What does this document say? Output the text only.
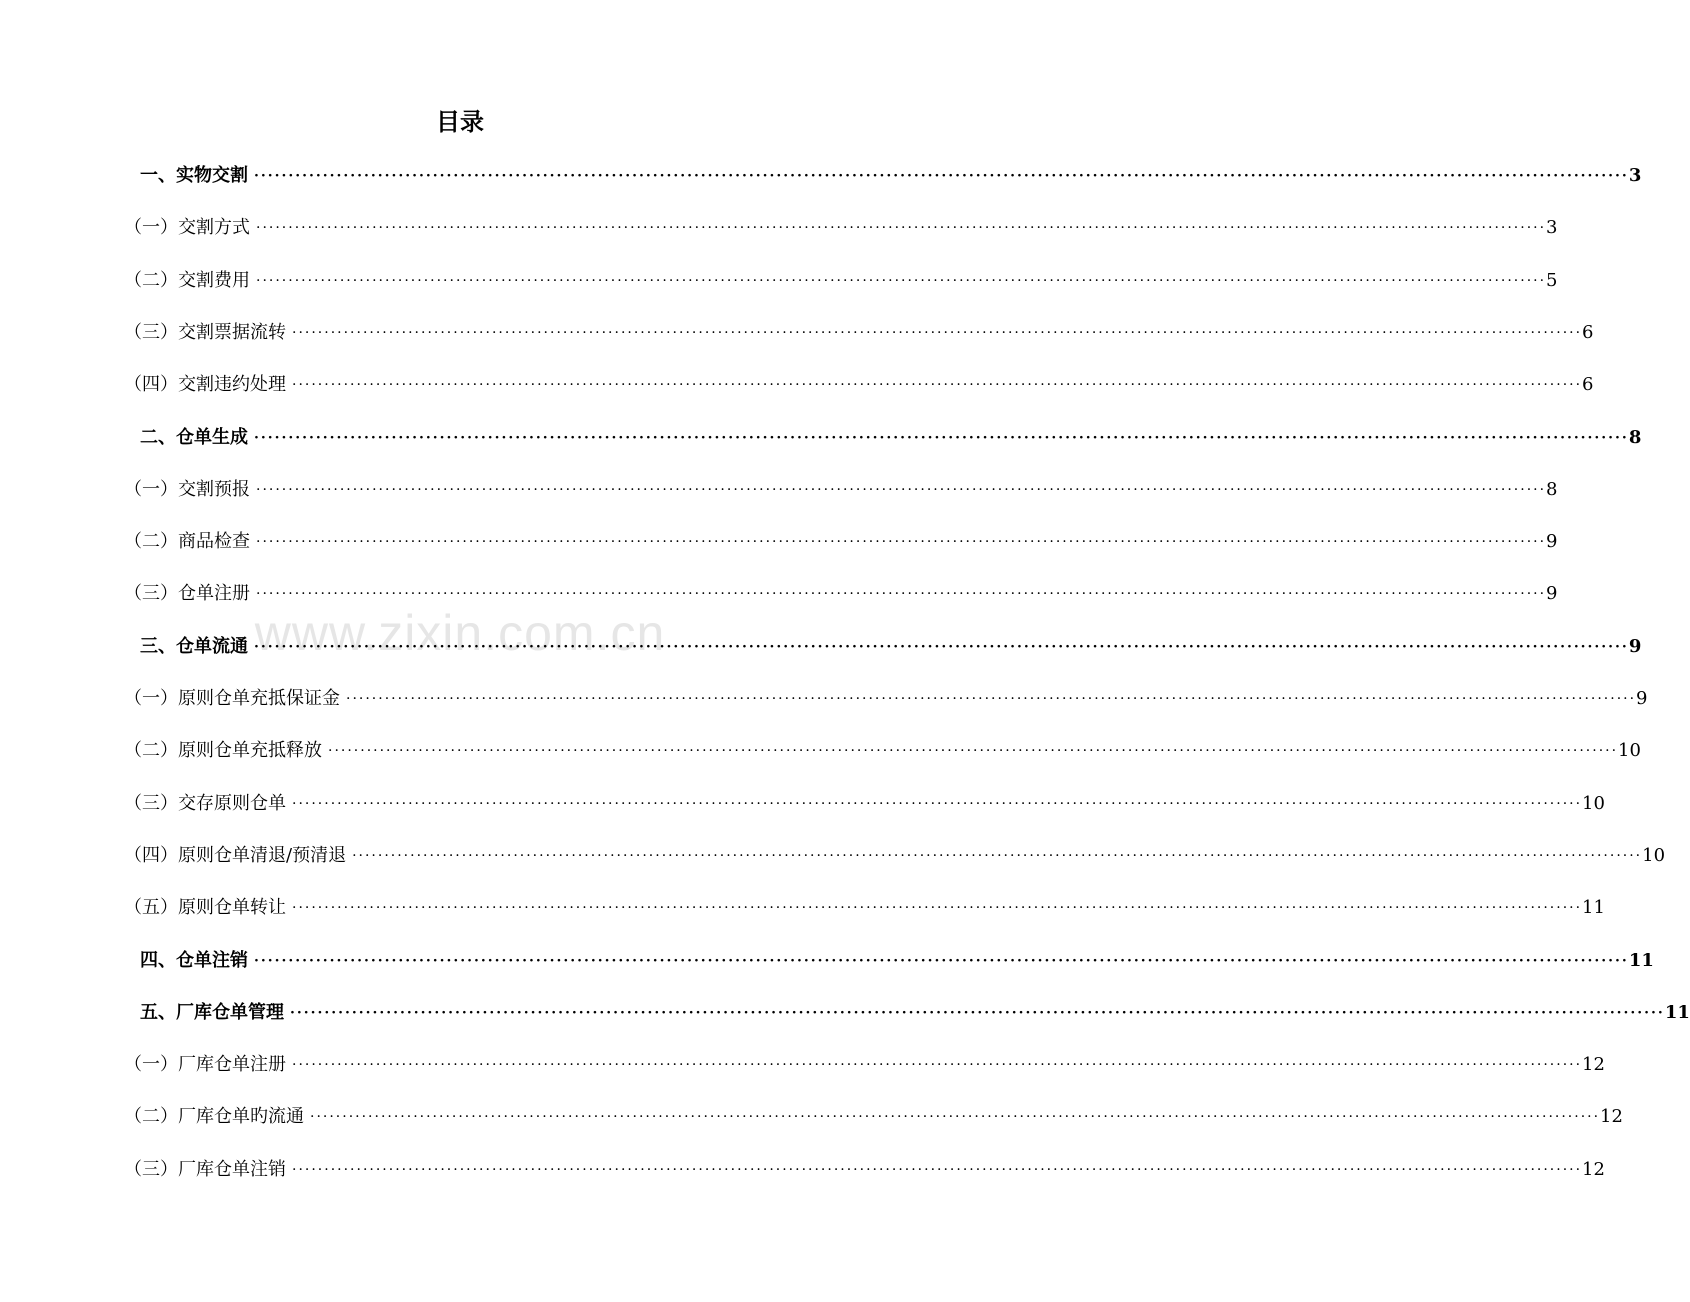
目录
www.zixin.com.cn
一、实物交割 ········································································································································································································ 3
（一）交割方式 ········································································································································································································ 3
（二）交割费用 ········································································································································································································ 5
（三）交割票据流转 ········································································································································································································ 6
（四）交割违约处理 ········································································································································································································ 6
二、仓单生成 ········································································································································································································ 8
（一）交割预报 ········································································································································································································ 8
（二）商品检查 ········································································································································································································ 9
（三）仓单注册 ········································································································································································································ 9
三、仓单流通 ········································································································································································································ 9
（一）原则仓单充抵保证金 ········································································································································································································ 9
（二）原则仓单充抵释放 ········································································································································································································ 10
（三）交存原则仓单 ········································································································································································································ 10
（四）原则仓单清退/预清退 ········································································································································································································ 10
（五）原则仓单转让 ········································································································································································································ 11
四、仓单注销 ········································································································································································································ 11
五、厂库仓单管理 ········································································································································································································ 11
（一）厂库仓单注册 ········································································································································································································ 12
（二）厂库仓单旳流通 ········································································································································································································ 12
（三）厂库仓单注销 ········································································································································································································ 12
